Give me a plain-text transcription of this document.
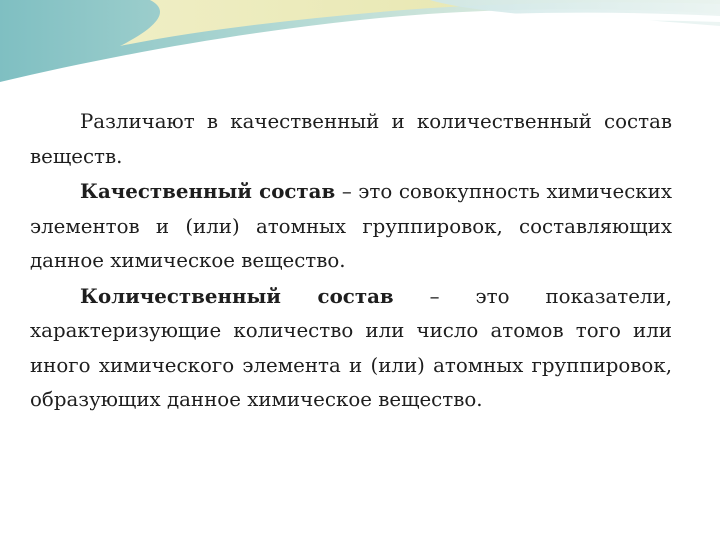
Различают в качественный и количественный состав веществ.

Качественный состав – это совокупность химических элементов и (или) атомных группировок, составляющих данное химическое вещество.

Количественный состав – это показатели, характеризующие количество или число атомов того или иного химического элемента и (или) атомных группировок, образующих данное химическое вещество.
